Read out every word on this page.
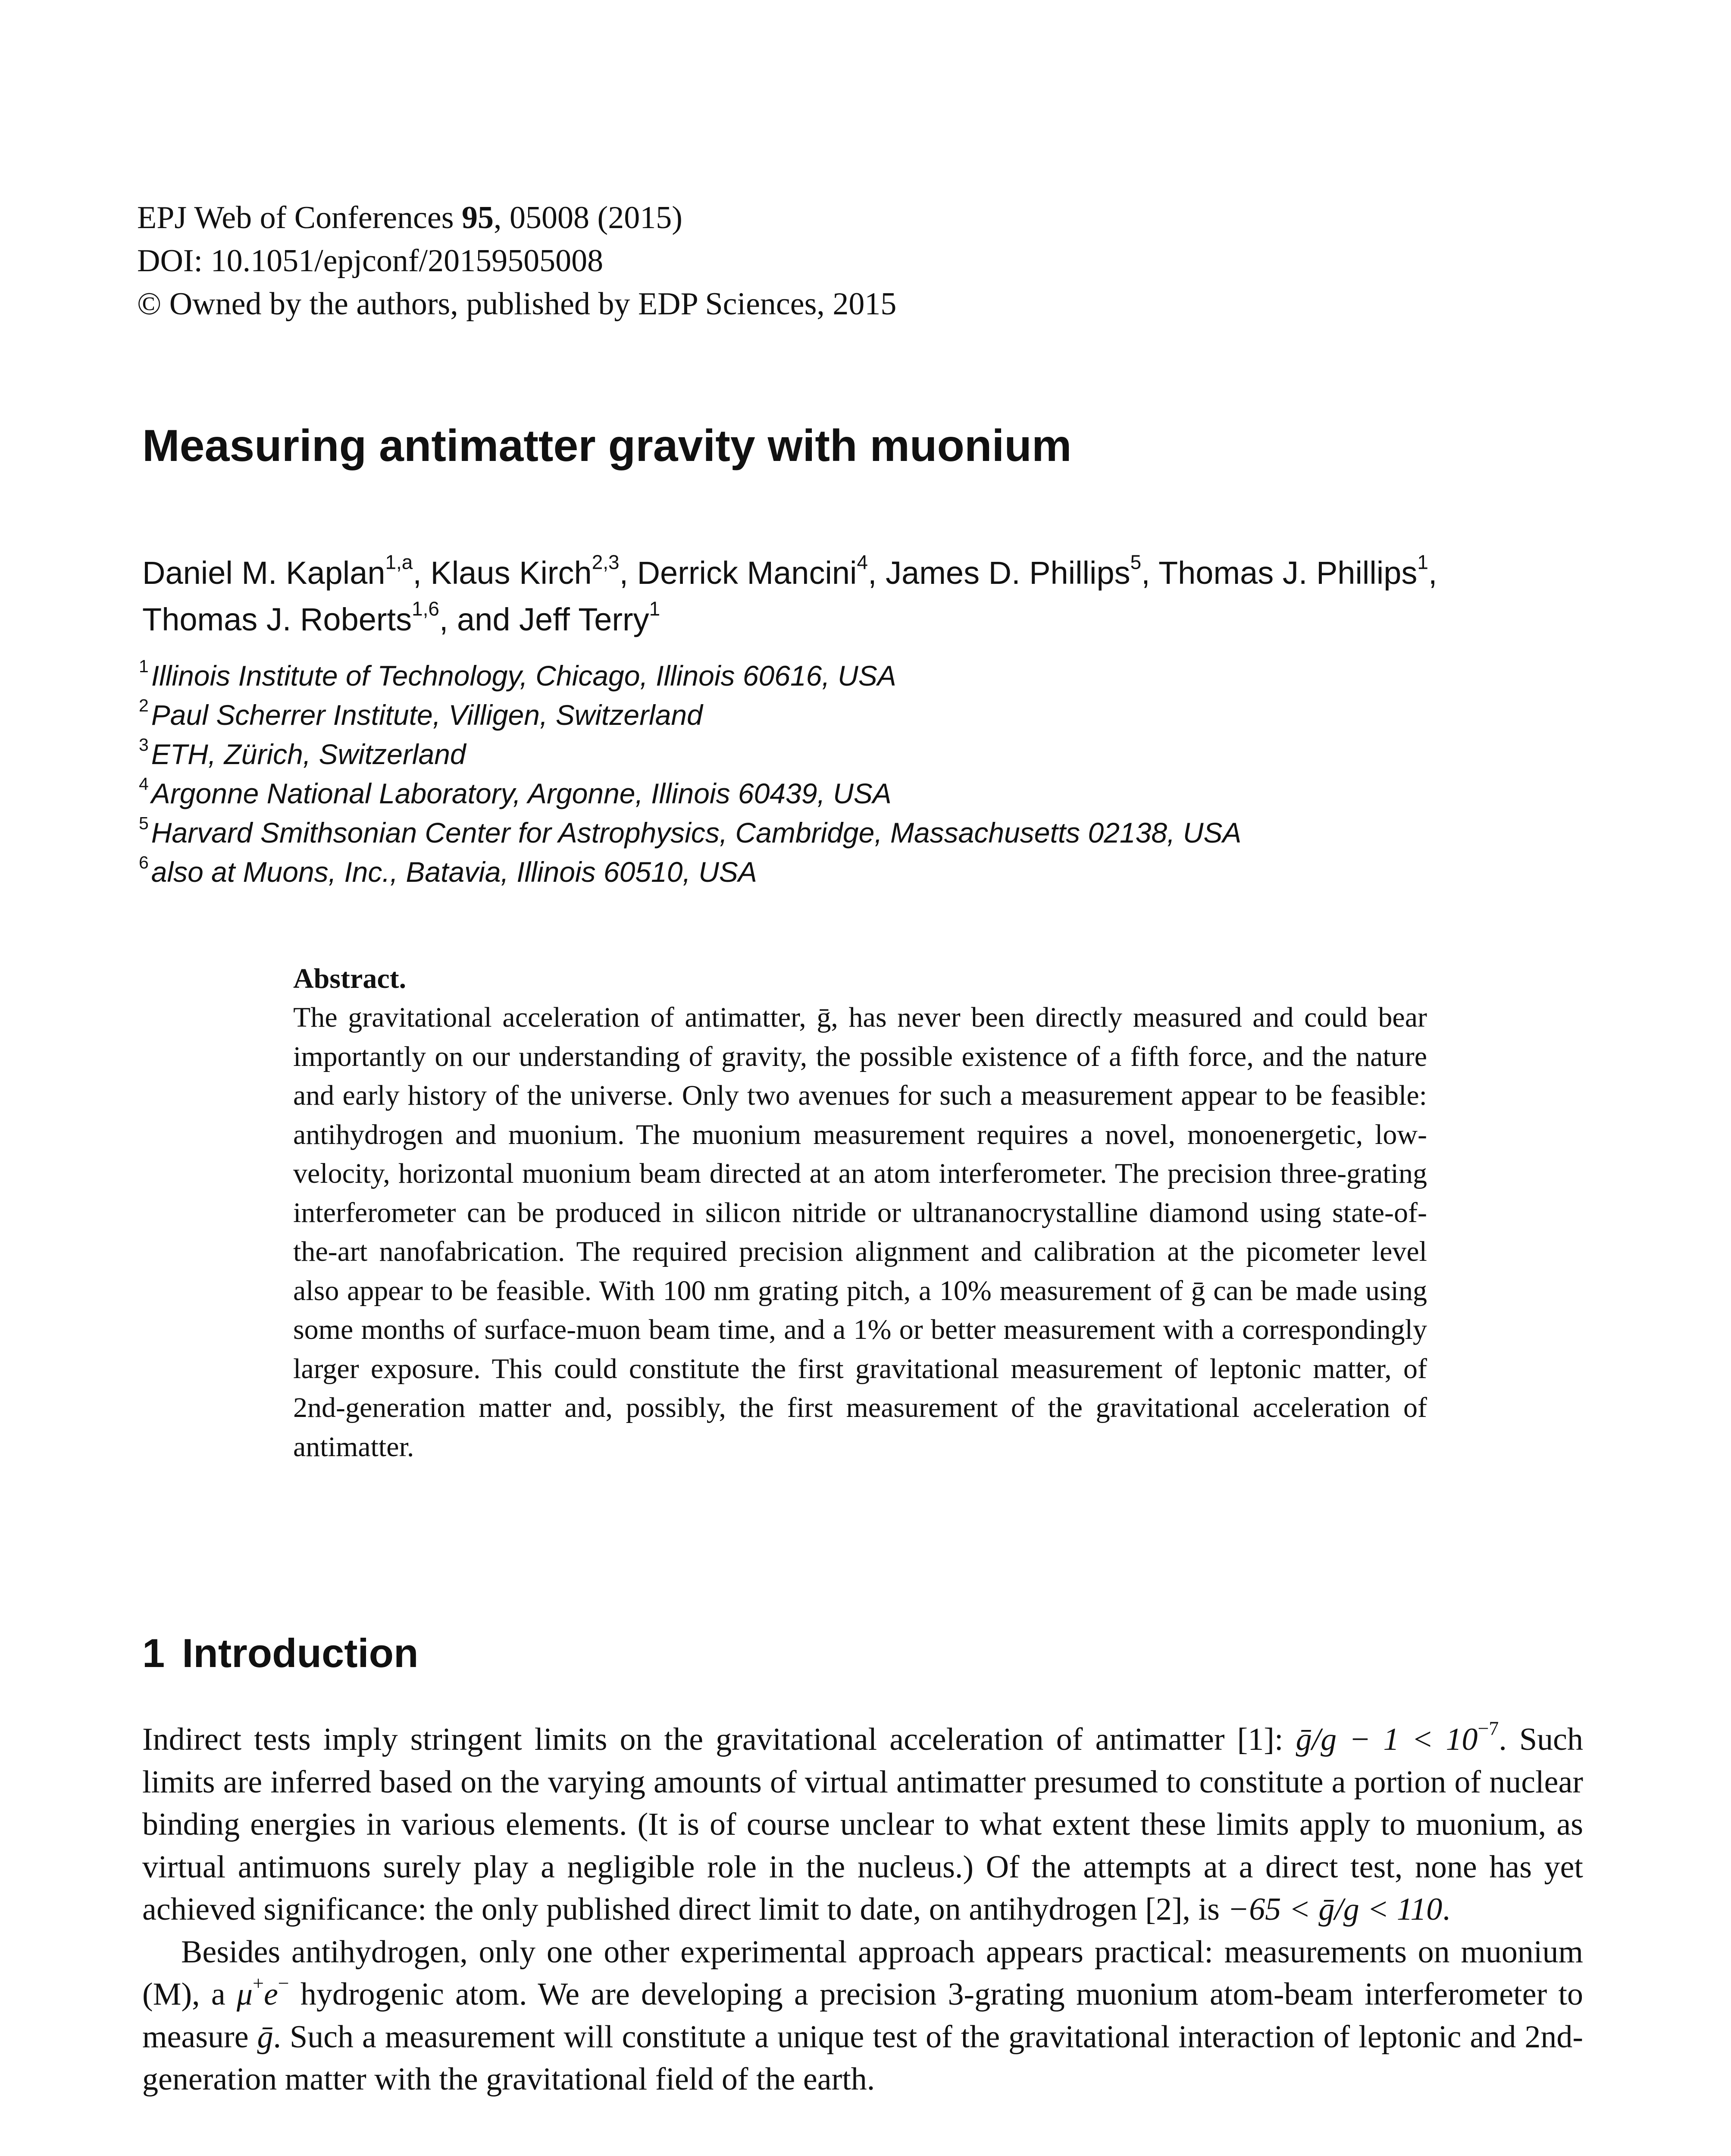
EPJ Web of Conferences 95, 05008 (2015)
DOI: 10.1051/epjconf/20159505008
© Owned by the authors, published by EDP Sciences, 2015
Measuring antimatter gravity with muonium
Daniel M. Kaplan$^{1,a}$, Klaus Kirch$^{2,3}$, Derrick Mancini$^4$, James D. Phillips$^5$, Thomas J. Phillips$^1$,
Thomas J. Roberts$^{1,6}$, and Jeff Terry$^1$
$^1$Illinois Institute of Technology, Chicago, Illinois 60616, USA
$^2$Paul Scherrer Institute, Villigen, Switzerland
$^3$ETH, Zürich, Switzerland
$^4$Argonne National Laboratory, Argonne, Illinois 60439, USA
$^5$Harvard Smithsonian Center for Astrophysics, Cambridge, Massachusetts 02138, USA
$^6$also at Muons, Inc., Batavia, Illinois 60510, USA
Abstract.

The gravitational acceleration of antimatter, ḡ, has never been directly measured and could bear importantly on our understanding of gravity, the possible existence of a fifth force, and the nature and early history of the universe. Only two avenues for such a measurement appear to be feasible: antihydrogen and muonium. The muonium measurement requires a novel, monoenergetic, low-velocity, horizontal muonium beam directed at an atom interferometer. The precision three-grating interferometer can be produced in silicon nitride or ultrananocrystalline diamond using state-of-the-art nanofabrication. The required precision alignment and calibration at the picometer level also appear to be feasible. With 100 nm grating pitch, a 10% measurement of ḡ can be made using some months of surface-muon beam time, and a 1% or better measurement with a correspondingly larger exposure. This could constitute the first gravitational measurement of leptonic matter, of 2nd-generation matter and, possibly, the first measurement of the gravitational acceleration of antimatter.

1 Introduction

Indirect tests imply stringent limits on the gravitational acceleration of antimatter [1]: ḡ/g − $1 < 10^{-7}$. Such limits are inferred based on the varying amounts of virtual antimatter presumed to constitute a portion of nuclear binding energies in various elements. (It is of course unclear to what extent these limits apply to muonium, as virtual antimuons surely play a negligible role in the nucleus.) Of the attempts at a direct test, none has yet achieved significance: the only published direct limit to date, on antihydrogen [2], is −65 < ḡ/g < 110.

Besides antihydrogen, only one other experimental approach appears practical: measurements on muonium (M), a μ+e− hydrogenic atom. We are developing a precision 3-grating muonium atom-beam interferometer to measure ḡ. Such a measurement will constitute a unique test of the gravitational interaction of leptonic and 2nd-generation matter with the gravitational field of the earth.
